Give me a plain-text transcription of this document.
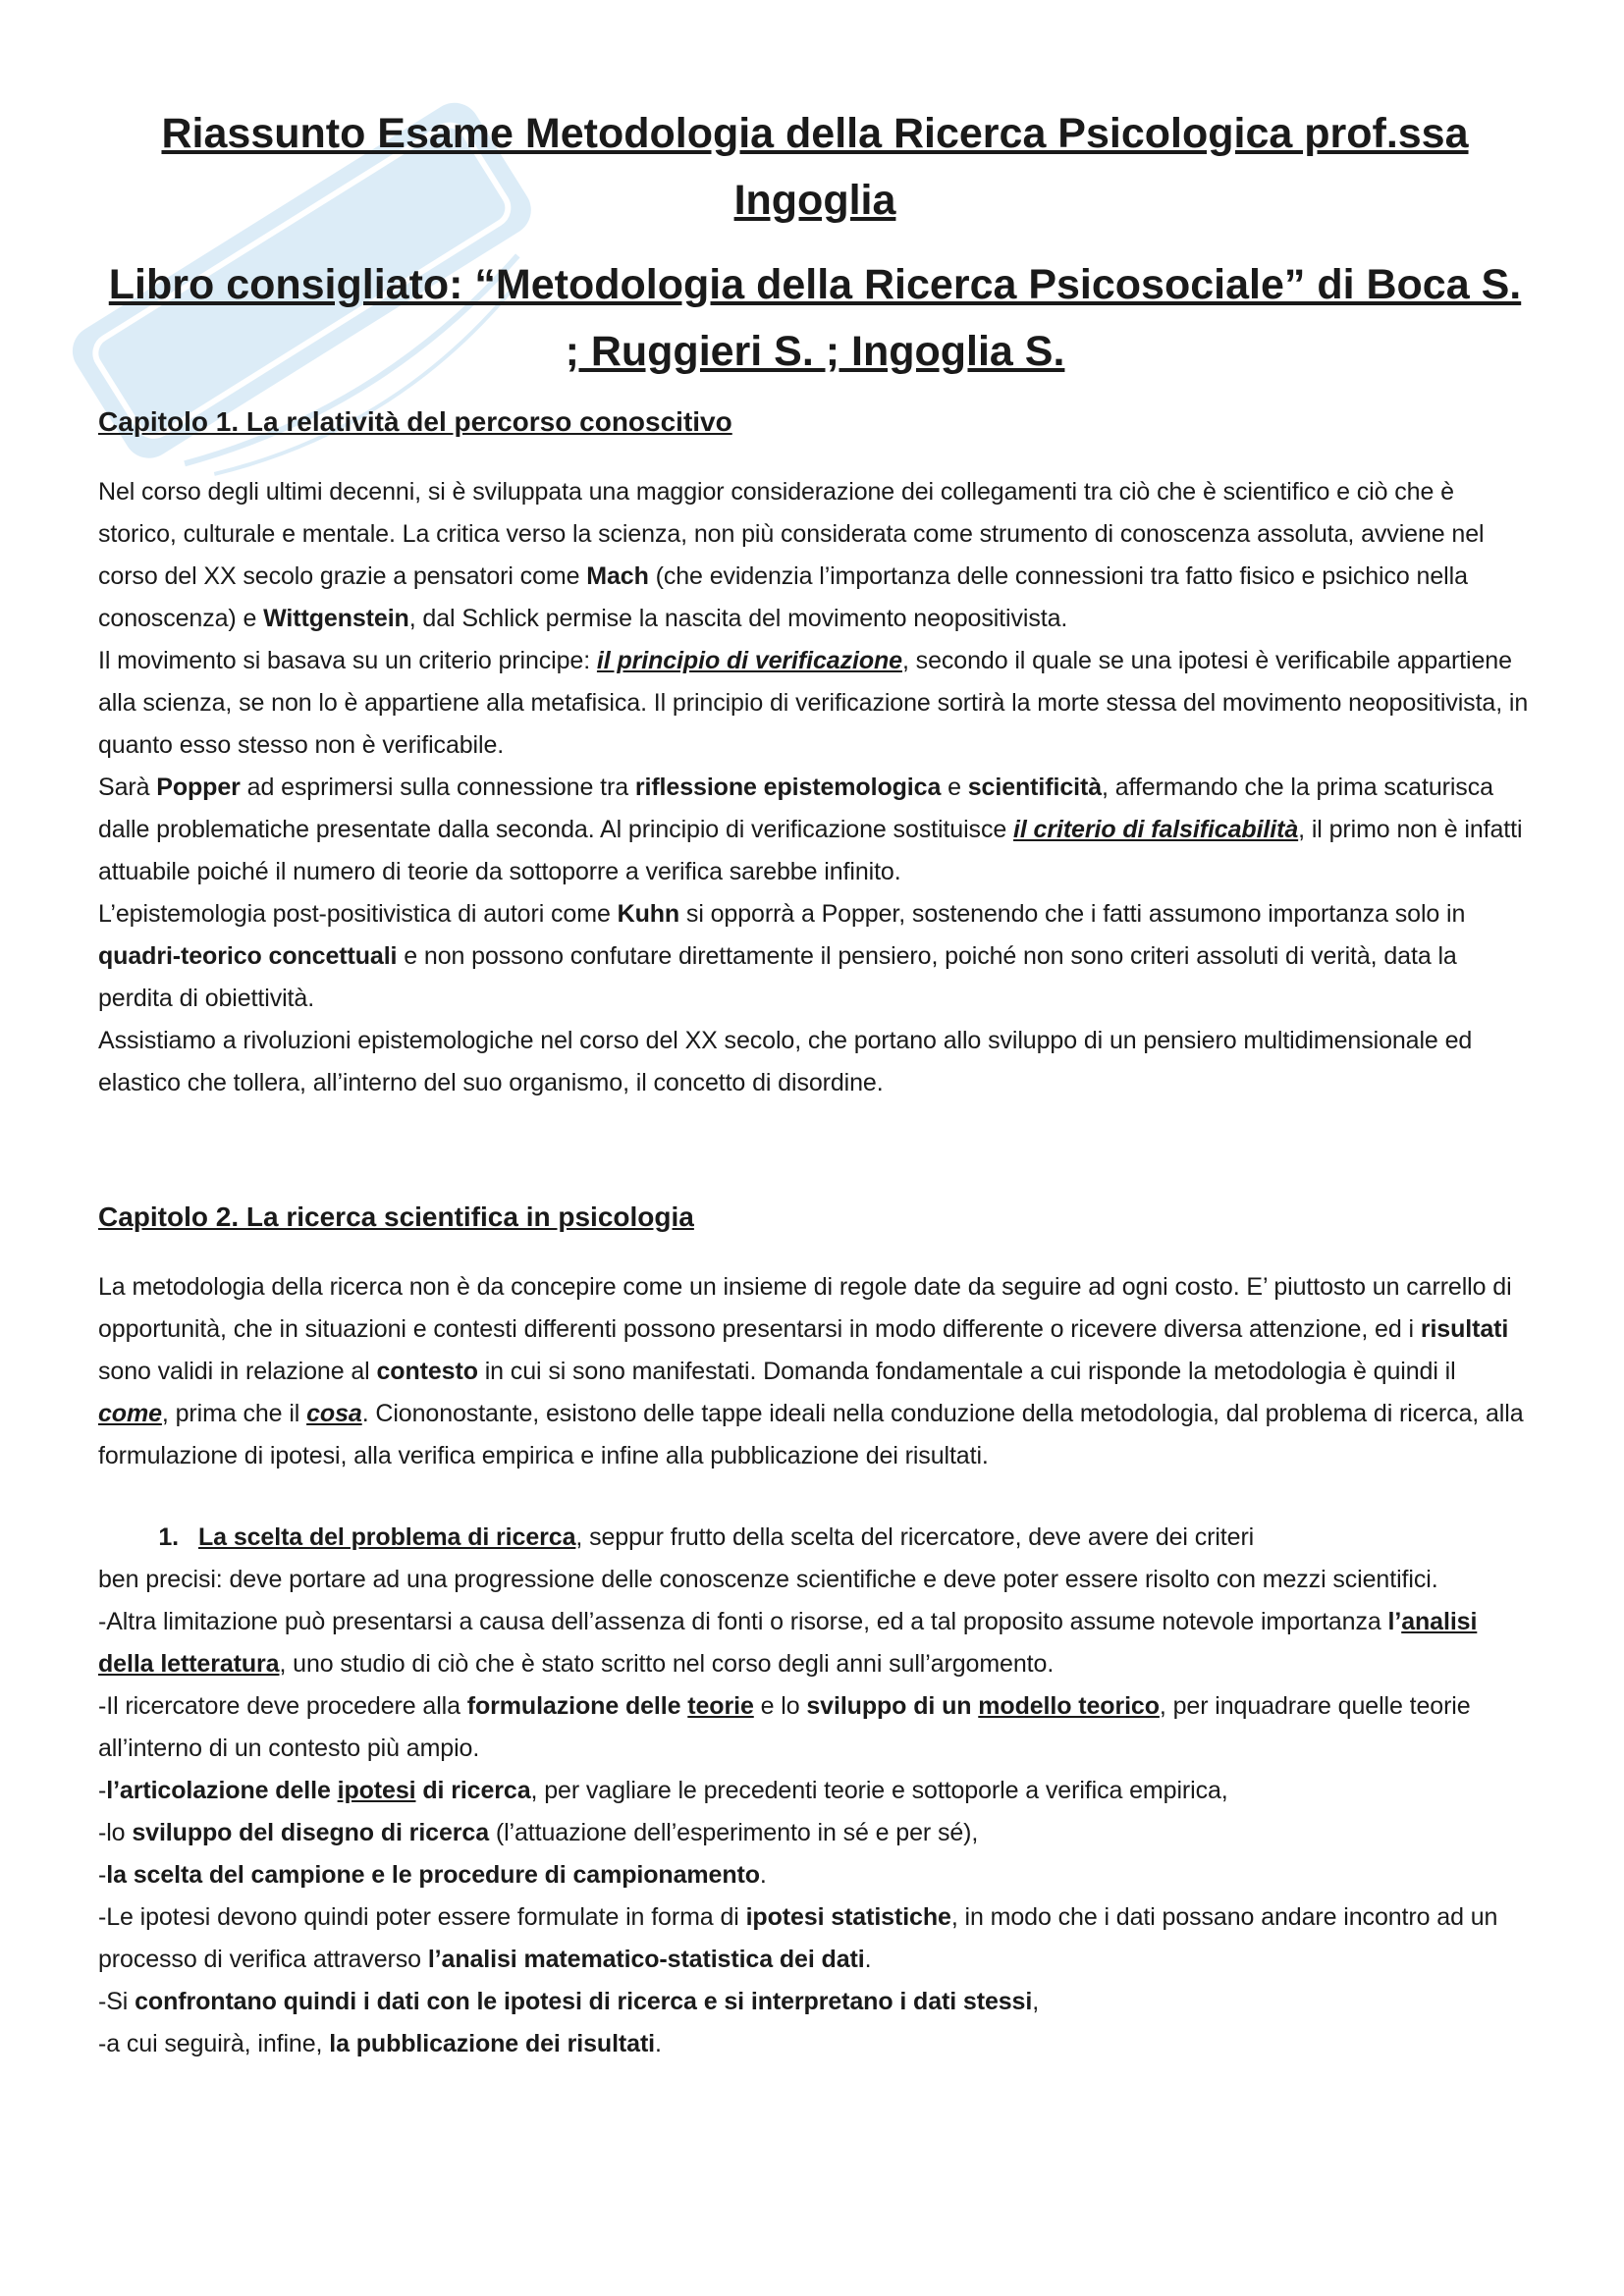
Riassunto Esame Metodologia della Ricerca Psicologica prof.ssa Ingoglia
Libro consigliato: “Metodologia della Ricerca Psicosociale” di Boca S. ; Ruggieri S. ; Ingoglia S.
Capitolo 1. La relatività del percorso conoscitivo

Nel corso degli ultimi decenni, si è sviluppata una maggior considerazione dei collegamenti tra ciò che è scientifico e ciò che è storico, culturale e mentale. La critica verso la scienza, non più considerata come strumento di conoscenza assoluta, avviene nel corso del XX secolo grazie a pensatori come Mach (che evidenzia l’importanza delle connessioni tra fatto fisico e psichico nella conoscenza) e Wittgenstein, dal Schlick permise la nascita del movimento neopositivista.

Il movimento si basava su un criterio principe: il principio di verificazione, secondo il quale se una ipotesi è verificabile appartiene alla scienza, se non lo è appartiene alla metafisica. Il principio di verificazione sortirà la morte stessa del movimento neopositivista, in quanto esso stesso non è verificabile.

Sarà Popper ad esprimersi sulla connessione tra riflessione epistemologica e scientificità, affermando che la prima scaturisca dalle problematiche presentate dalla seconda. Al principio di verificazione sostituisce il criterio di falsificabilità, il primo non è infatti attuabile poiché il numero di teorie da sottoporre a verifica sarebbe infinito.

L’epistemologia post-positivistica di autori come Kuhn si opporrà a Popper, sostenendo che i fatti assumono importanza solo in quadri-teorico concettuali e non possono confutare direttamente il pensiero, poiché non sono criteri assoluti di verità, data la perdita di obiettività.

Assistiamo a rivoluzioni epistemologiche nel corso del XX secolo, che portano allo sviluppo di un pensiero multidimensionale ed elastico che tollera, all’interno del suo organismo, il concetto di disordine.

Capitolo 2. La ricerca scientifica in psicologia

La metodologia della ricerca non è da concepire come un insieme di regole date da seguire ad ogni costo. E’ piuttosto un carrello di opportunità, che in situazioni e contesti differenti possono presentarsi in modo differente o ricevere diversa attenzione, ed i risultati sono validi in relazione al contesto in cui si sono manifestati. Domanda fondamentale a cui risponde la metodologia è quindi il come, prima che il cosa. Ciononostante, esistono delle tappe ideali nella conduzione della metodologia, dal problema di ricerca, alla formulazione di ipotesi, alla verifica empirica e infine alla pubblicazione dei risultati.

1. La scelta del problema di ricerca, seppur frutto della scelta del ricercatore, deve avere dei criteri

ben precisi: deve portare ad una progressione delle conoscenze scientifiche e deve poter essere risolto con mezzi scientifici.

-Altra limitazione può presentarsi a causa dell’assenza di fonti o risorse, ed a tal proposito assume notevole importanza l’analisi della letteratura, uno studio di ciò che è stato scritto nel corso degli anni sull’argomento.

-Il ricercatore deve procedere alla formulazione delle teorie e lo sviluppo di un modello teorico, per inquadrare quelle teorie all’interno di un contesto più ampio.

-l’articolazione delle ipotesi di ricerca, per vagliare le precedenti teorie e sottoporle a verifica empirica,

-lo sviluppo del disegno di ricerca (l’attuazione dell’esperimento in sé e per sé),

-la scelta del campione e le procedure di campionamento.

-Le ipotesi devono quindi poter essere formulate in forma di ipotesi statistiche, in modo che i dati possano andare incontro ad un processo di verifica attraverso l’analisi matematico-statistica dei dati.

-Si confrontano quindi i dati con le ipotesi di ricerca e si interpretano i dati stessi,

-a cui seguirà, infine, la pubblicazione dei risultati.
